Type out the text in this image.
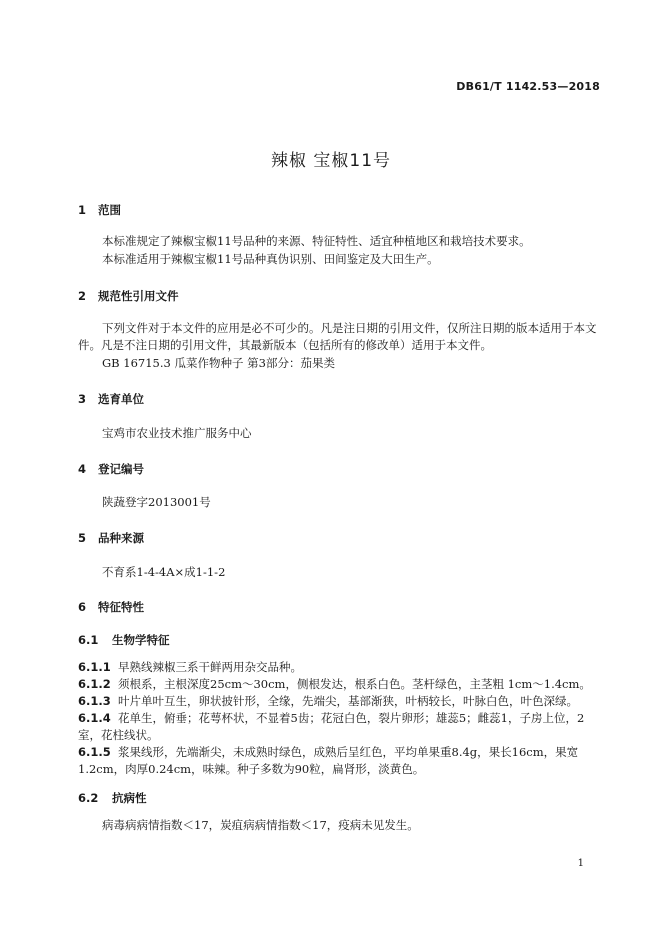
DB61/T 1142.53—2018
辣椒 宝椒11号
1 范围
本标准规定了辣椒宝椒11号品种的来源、特征特性、适宜种植地区和栽培技术要求。
本标准适用于辣椒宝椒11号品种真伪识别、田间鉴定及大田生产。
2 规范性引用文件
下列文件对于本文件的应用是必不可少的。凡是注日期的引用文件，仅所注日期的版本适用于本文件。凡是不注日期的引用文件，其最新版本（包括所有的修改单）适用于本文件。
GB 16715.3 瓜菜作物种子 第3部分：茄果类
3 选育单位
宝鸡市农业技术推广服务中心
4 登记编号
陕蔬登字2013001号
5 品种来源
不育系1-4-4A×成1-1-2
6 特征特性
6.1 生物学特征
6.1.1 早熟线辣椒三系干鲜两用杂交品种。
6.1.2 须根系，主根深度25cm～30cm，侧根发达，根系白色。茎杆绿色，主茎粗 1cm～1.4cm。
6.1.3 叶片单叶互生，卵状披针形，全缘，先端尖，基部渐狭，叶柄较长，叶脉白色，叶色深绿。
6.1.4 花单生，俯垂；花萼杯状，不显着5齿；花冠白色，裂片卵形；雄蕊5；雌蕊1，子房上位，2室，花柱线状。
6.1.5 浆果线形，先端渐尖，未成熟时绿色，成熟后呈红色，平均单果重8.4g，果长16cm，果宽1.2cm，肉厚0.24cm，味辣。种子多数为90粒，扁肾形，淡黄色。
6.2 抗病性
病毒病病情指数＜17，炭疽病病情指数＜17，疫病未见发生。
1
